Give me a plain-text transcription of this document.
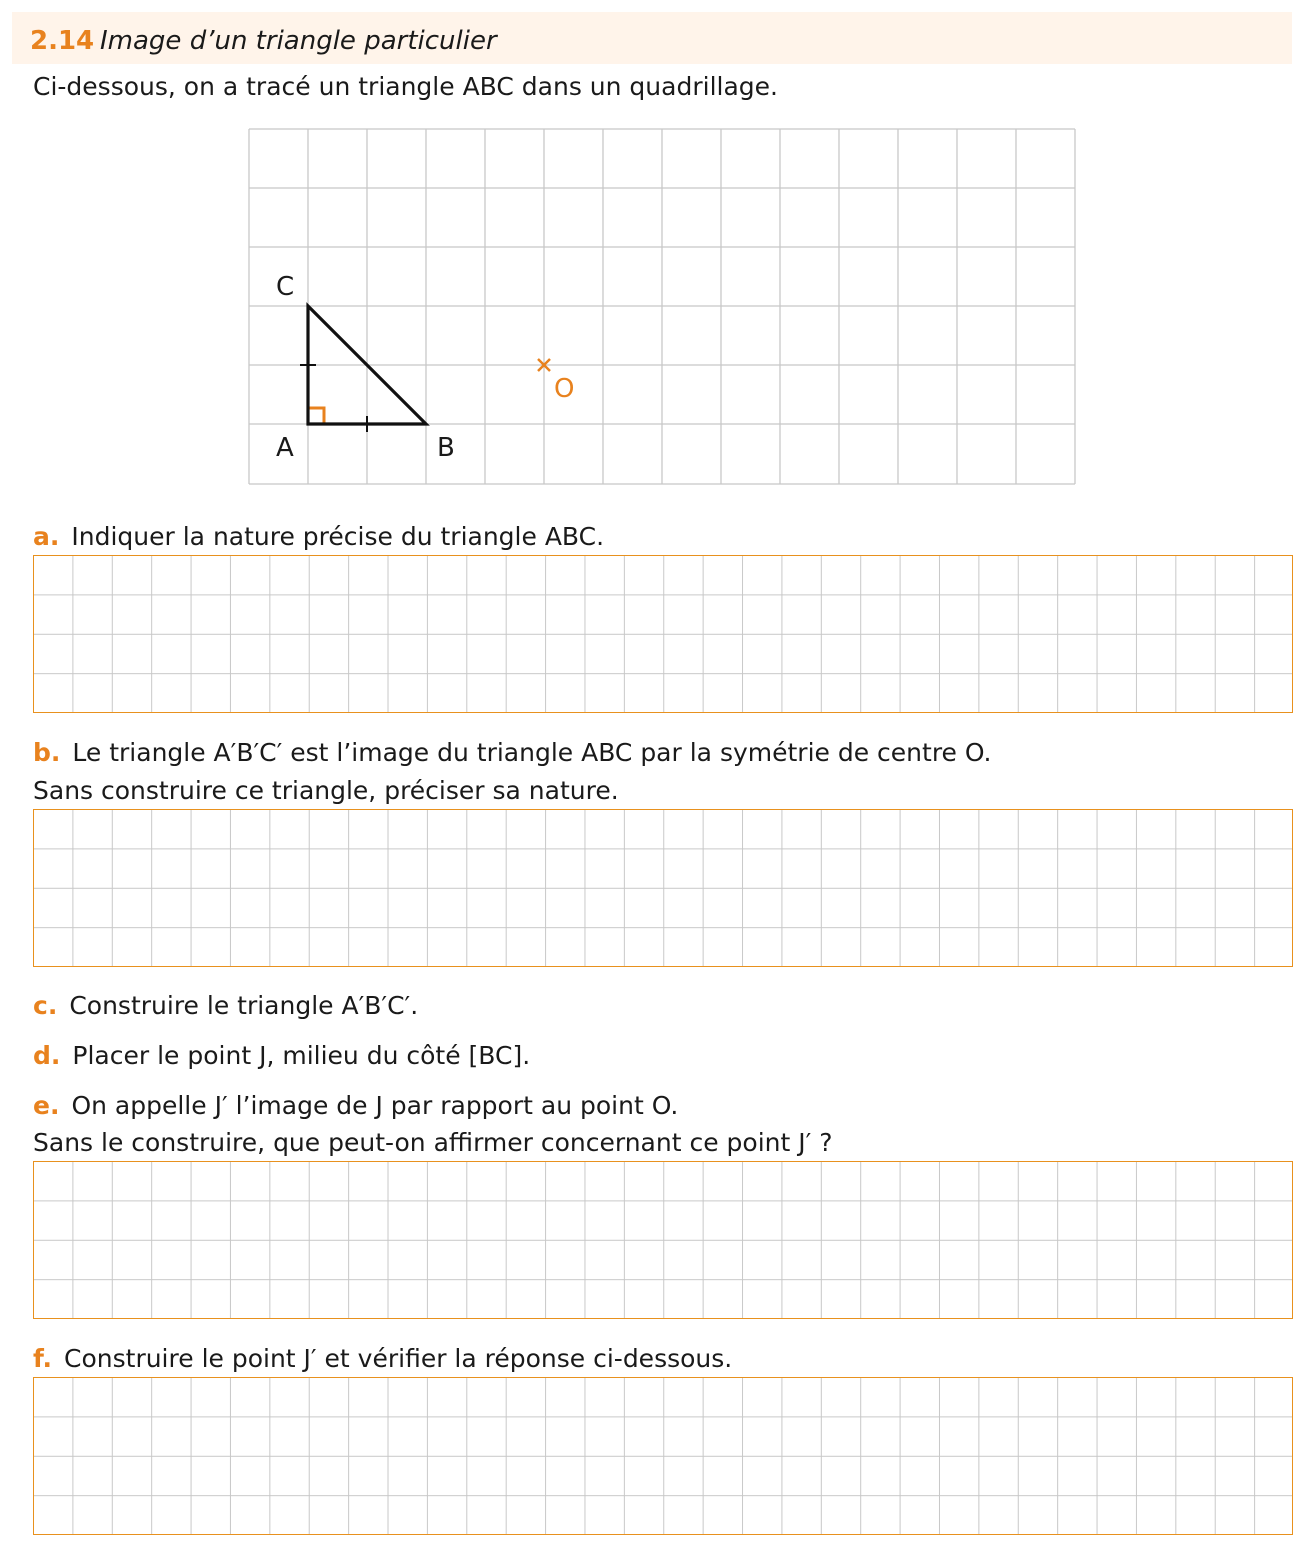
2.14 Image d’un triangle particulier
Ci-dessous, on a tracé un triangle ABC dans un quadrillage.
C
A	B
O
a. Indiquer la nature précise du triangle ABC.
b. Le triangle A′B′C′ est l’image du triangle ABC par la symétrie de centre O.
Sans construire ce triangle, préciser sa nature.
c. Construire le triangle A′B′C′.
d. Placer le point J, milieu du côté [BC].
e. On appelle J′ l’image de J par rapport au point O.
Sans le construire, que peut-on affirmer concernant ce point J′ ?
f. Construire le point J′ et vérifier la réponse ci-dessous.
